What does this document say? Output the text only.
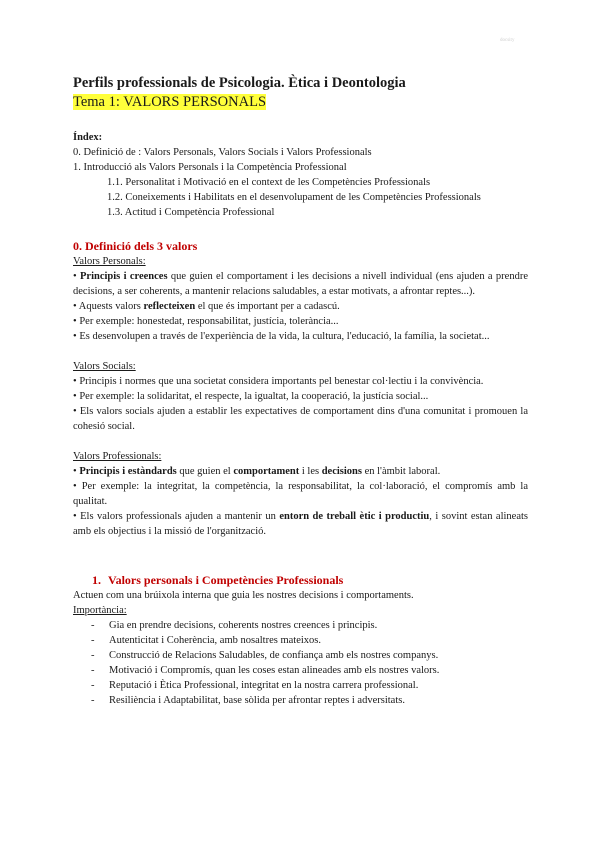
docsity
Perfils professionals de Psicologia. Ètica i Deontologia
Tema 1: VALORS PERSONALS
Índex:
0. Definició de : Valors Personals, Valors Socials i Valors Professionals
1. Introducció als Valors Personals i la Competència Professional
1.1. Personalitat i Motivació en el context de les Competències Professionals
1.2. Coneixements i Habilitats en el desenvolupament de les Competències Professionals
1.3. Actitud i Competència Professional
0. Definició dels 3 valors
Valors Personals:
• Principis i creences que guien el comportament i les decisions a nivell individual (ens ajuden a prendre decisions, a ser coherents, a mantenir relacions saludables, a estar motivats, a afrontar reptes...).
• Aquests valors reflecteixen el que és important per a cadascú.
• Per exemple: honestedat, responsabilitat, justícia, tolerància...
• Es desenvolupen a través de l'experiència de la vida, la cultura, l'educació, la família, la societat...
Valors Socials:
• Principis i normes que una societat considera importants pel benestar col·lectiu i la convivència.
• Per exemple: la solidaritat, el respecte, la igualtat, la cooperació, la justícia social...
• Els valors socials ajuden a establir les expectatives de comportament dins d'una comunitat i promouen la cohesió social.
Valors Professionals:
• Principis i estàndards que guien el comportament i les decisions en l'àmbit laboral.
• Per exemple: la integritat, la competència, la responsabilitat, la col·laboració, el compromís amb la qualitat.
• Els valors professionals ajuden a mantenir un entorn de treball ètic i productiu, i sovint estan alineats amb els objectius i la missió de l'organització.
1. Valors personals i Competències Professionals
Actuen com una brúixola interna que guia les nostres decisions i comportaments.
Importància:
- Gia en prendre decisions, coherents nostres creences i principis.
- Autenticitat i Coherència, amb nosaltres mateixos.
- Construcció de Relacions Saludables, de confiança amb els nostres companys.
- Motivació i Compromís, quan les coses estan alineades amb els nostres valors.
- Reputació i Ètica Professional, integritat en la nostra carrera professional.
- Resiliència i Adaptabilitat, base sòlida per afrontar reptes i adversitats.
